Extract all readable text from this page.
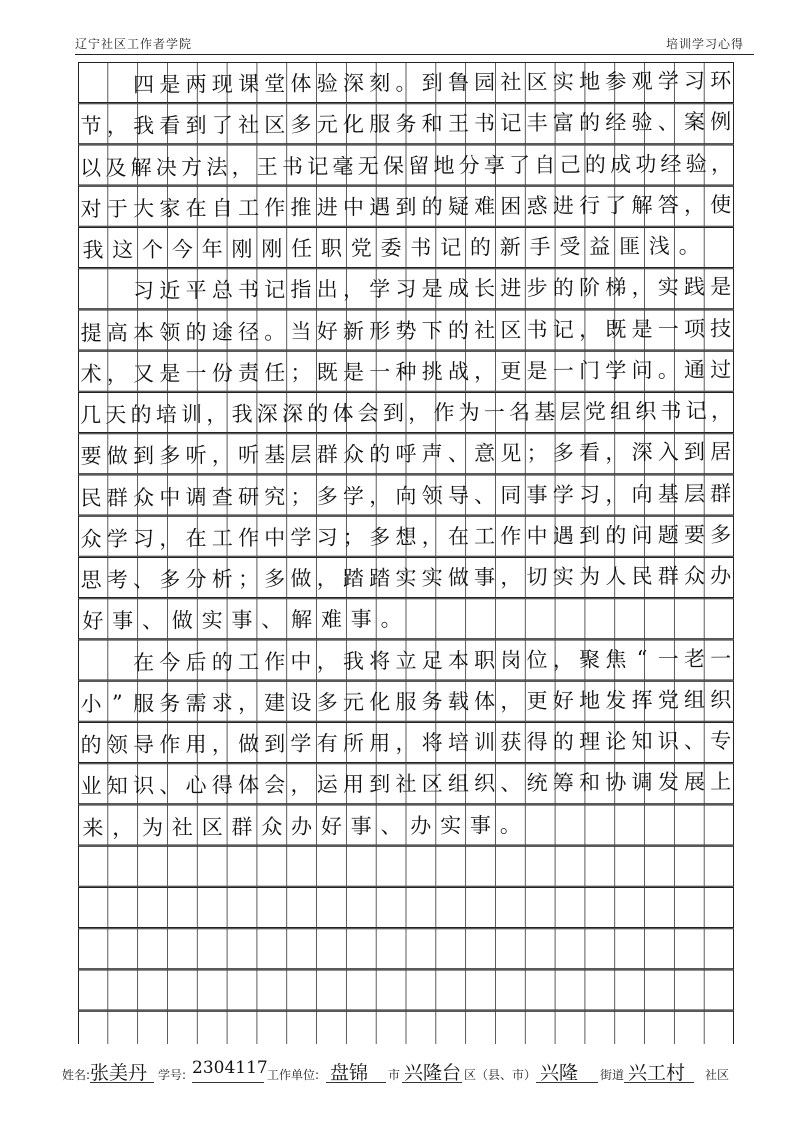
辽宁社区工作者学院	培训学习心得

四 是 两 现 课 堂 体 验 深 刻 。 到 鲁 园 社 区 实 地 参 观 学 习 环
节 ， 我 看 到 了 社 区 多 元 化 服 务 和 王 书 记 丰 富 的 经 验 、 案 例
以 及 解 决 方 法 ， 王 书 记 毫 无 保 留 地 分 享 了 自 己 的 成 功 经 验 ，
对 于 大 家 在 自 工 作 推 进 中 遇 到 的 疑 难 困 惑 进 行 了 解 答 ， 使
我 这 个 今 年 刚 刚 任 职 党 委 书 记 的 新 手 受 益 匪 浅 。

习 近 平 总 书 记 指 出 ， 学 习 是 成 长 进 步 的 阶 梯 ， 实 践 是
提 高 本 领 的 途 径 。 当 好 新 形 势 下 的 社 区 书 记 ， 既 是 一 项 技
术 ， 又 是 一 份 责 任 ； 既 是 一 种 挑 战 ， 更 是 一 门 学 问 。 通 过
几 天 的 培 训 ， 我 深 深 的 体 会 到 ， 作 为 一 名 基 层 党 组 织 书 记 ，
要 做 到 多 听 ， 听 基 层 群 众 的 呼 声 、 意 见 ； 多 看 ， 深 入 到 居
民 群 众 中 调 查 研 究 ； 多 学 ， 向 领 导 、 同 事 学 习 ， 向 基 层 群
众 学 习 ， 在 工 作 中 学 习 ； 多 想 ， 在 工 作 中 遇 到 的 问 题 要 多
思 考 、 多 分 析 ； 多 做 ， 踏 踏 实 实 做 事 ， 切 实 为 人 民 群 众 办
好 事 、 做 实 事 、 解 难 事 。

在 今 后 的 工 作 中 ， 我 将 立 足 本 职 岗 位 ， 聚 焦 “ 一 老 一
小 ” 服 务 需 求 ， 建 设 多 元 化 服 务 载 体 ， 更 好 地 发 挥 党 组 织
的 领 导 作 用 ， 做 到 学 有 所 用 ， 将 培 训 获 得 的 理 论 知 识 、 专
业 知 识 、 心 得 体 会 ， 运 用 到 社 区 组 织 、 统 筹 和 协 调 发 展 上
来 ， 为 社 区 群 众 办 好 事 、 办 实 事 。
姓名: 张美丹 学号: 2304117 工作单位: 盘锦 市 兴隆台 区（县、市） 兴隆 街道 兴工村 社区
